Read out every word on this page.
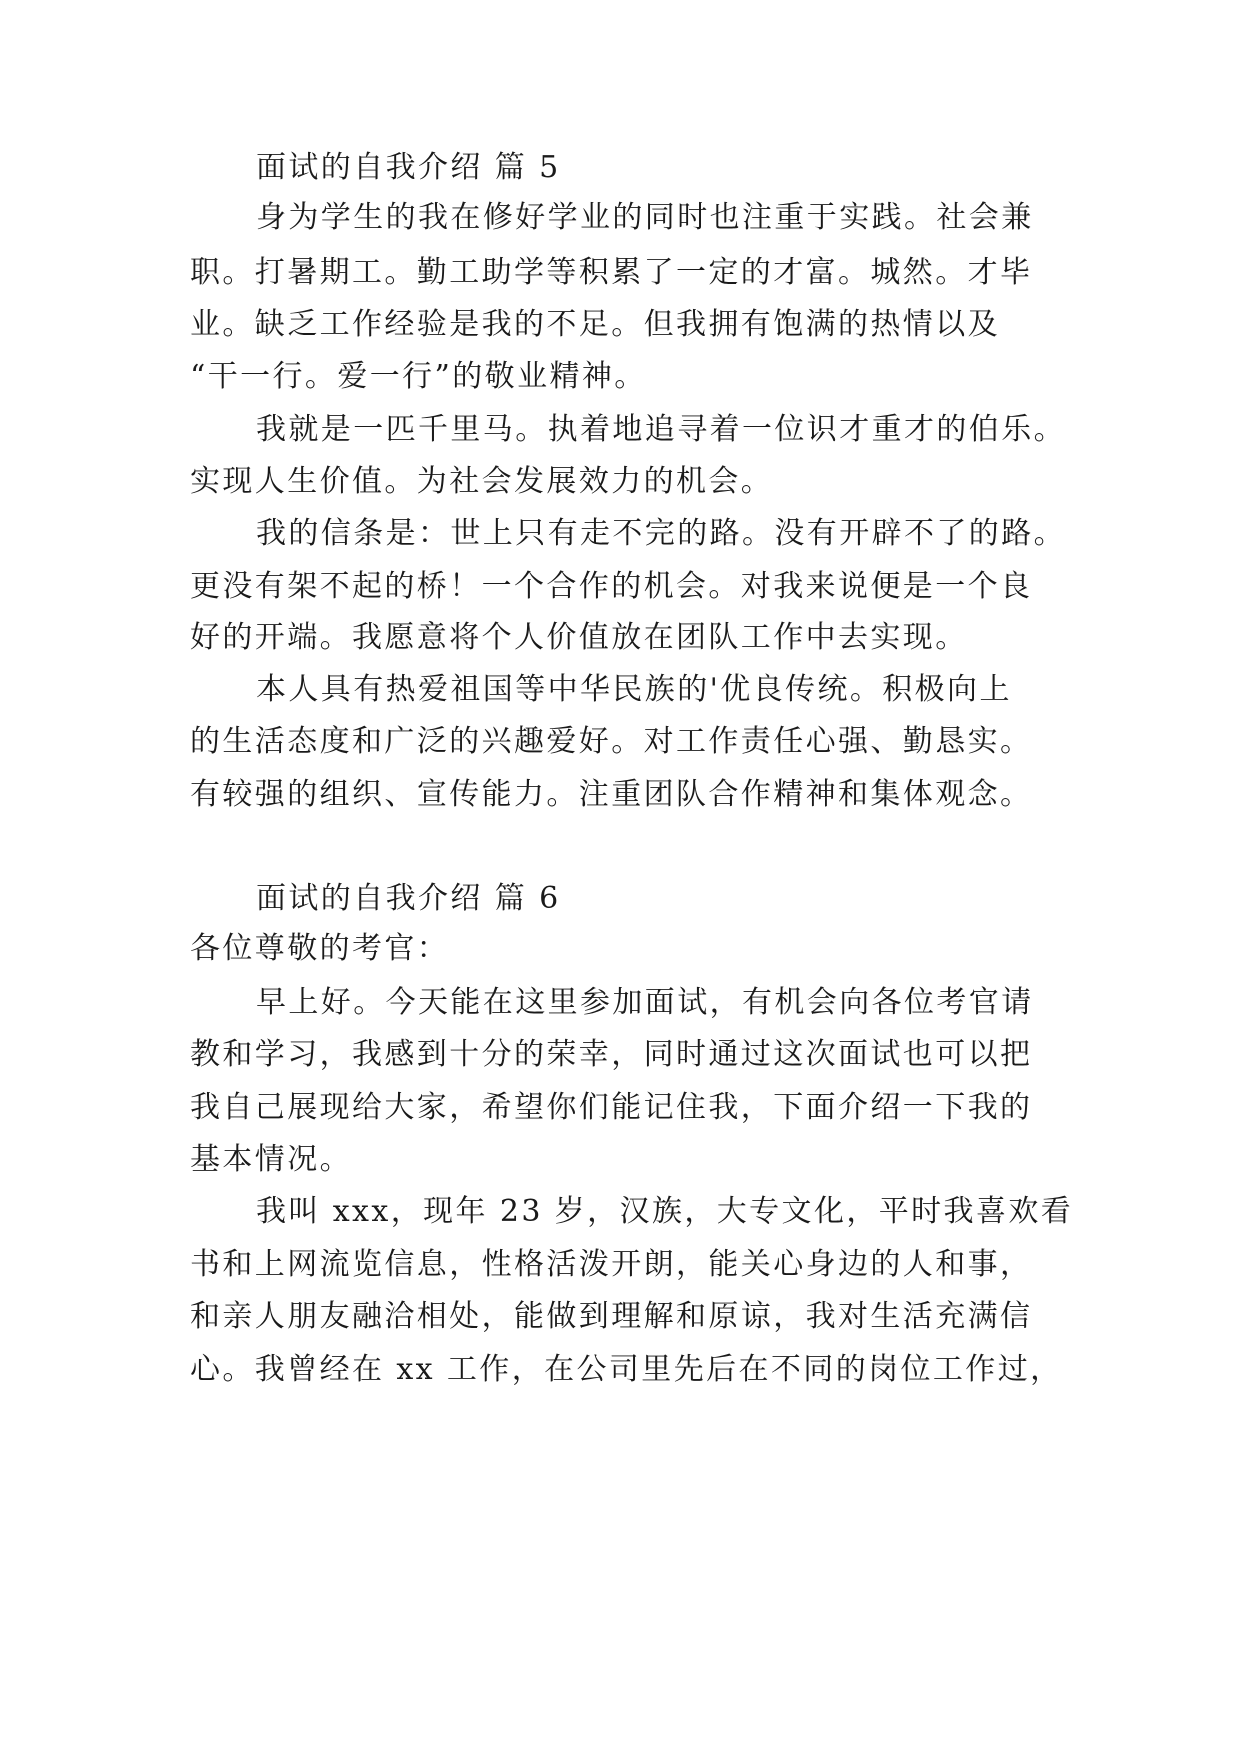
面试的自我介绍 篇 5
身为学生的我在修好学业的同时也注重于实践。社会兼
职。打暑期工。勤工助学等积累了一定的才富。城然。才毕
业。缺乏工作经验是我的不足。但我拥有饱满的热情以及
“干一行。爱一行”的敬业精神。
我就是一匹千里马。执着地追寻着一位识才重才的伯乐。
实现人生价值。为社会发展效力的机会。
我的信条是：世上只有走不完的路。没有开辟不了的路。
更没有架不起的桥！一个合作的机会。对我来说便是一个良
好的开端。我愿意将个人价值放在团队工作中去实现。
本人具有热爱祖国等中华民族的'优良传统。积极向上
的生活态度和广泛的兴趣爱好。对工作责任心强、勤恳实。
有较强的组织、宣传能力。注重团队合作精神和集体观念。
面试的自我介绍 篇 6
各位尊敬的考官：
早上好。今天能在这里参加面试，有机会向各位考官请
教和学习，我感到十分的荣幸，同时通过这次面试也可以把
我自己展现给大家，希望你们能记住我，下面介绍一下我的
基本情况。
我叫 xxx，现年 23 岁，汉族，大专文化，平时我喜欢看
书和上网流览信息，性格活泼开朗，能关心身边的人和事，
和亲人朋友融洽相处，能做到理解和原谅，我对生活充满信
心。我曾经在 xx 工作，在公司里先后在不同的岗位工作过，
